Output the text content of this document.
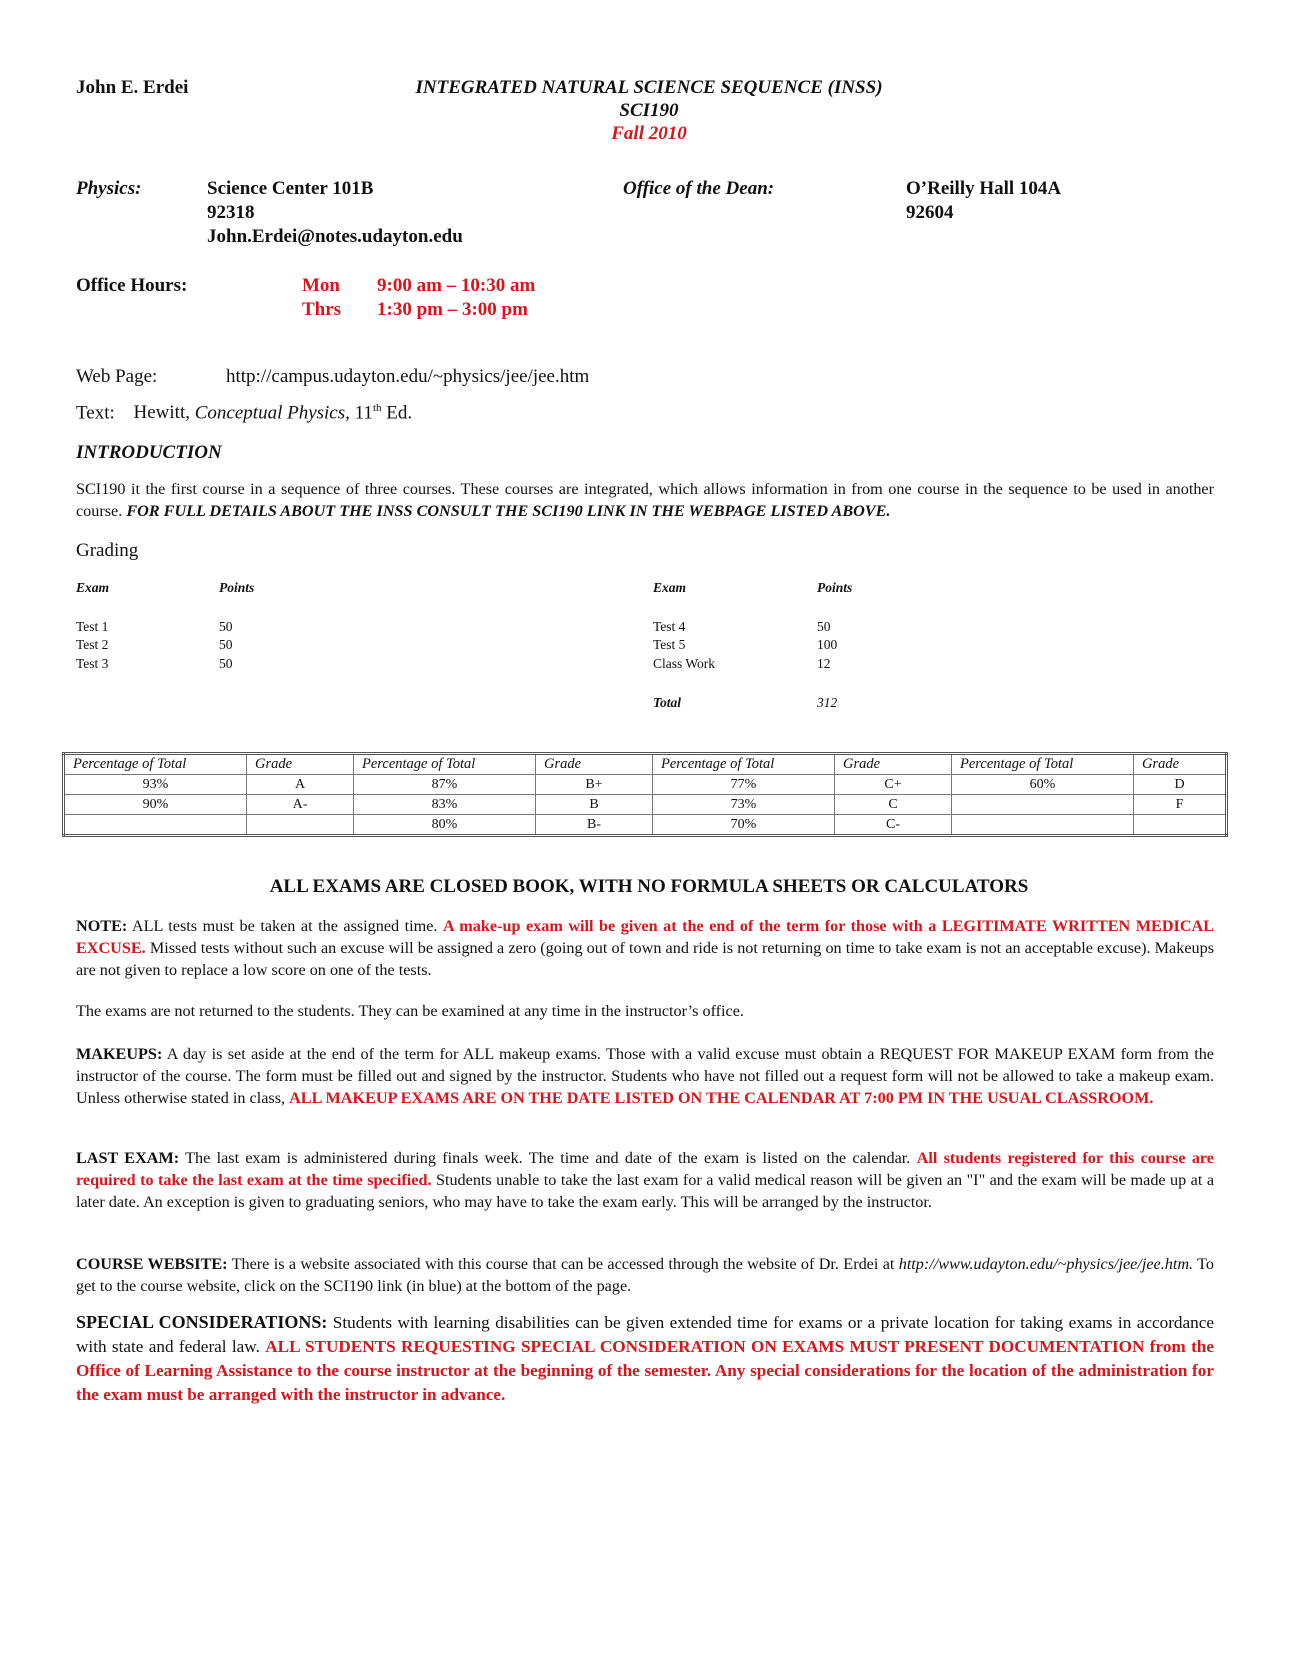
John E. Erdei	INTEGRATED NATURAL SCIENCE SEQUENCE (INSS)
SCI190
Fall 2010
Physics:	Science Center 101B
92318
John.Erdei@notes.udayton.edu
Office of the Dean:	O’Reilly Hall 104A
92604
Office Hours:	Mon 9:00 am – 10:30 am
Thrs 1:30 pm – 3:00 pm
Web Page:	http://campus.udayton.edu/~physics/jee/jee.htm
Text: Hewitt, Conceptual Physics, 11th Ed.
INTRODUCTION
SCI190 it the first course in a sequence of three courses. These courses are integrated, which allows information in from one course in the sequence to be used in another course. FOR FULL DETAILS ABOUT THE INSS CONSULT THE SCI190 LINK IN THE WEBPAGE LISTED ABOVE.
Grading
Exam	Points	Exam	Points
Test 1	50
Test 2	50
Test 3	50
Test 4	50
Test 5	100
Class Work	12
Total	312
Percentage of Total	Grade	Percentage of Total	Grade	Percentage of Total	Grade	Percentage of Total	Grade
93%	A	87%	B+	77%	C+	60%	D
90%	A-	83%	B	73%	C		F
		80%	B-	70%	C-		
ALL EXAMS ARE CLOSED BOOK, WITH NO FORMULA SHEETS OR CALCULATORS
NOTE: ALL tests must be taken at the assigned time. A make-up exam will be given at the end of the term for those with a LEGITIMATE WRITTEN MEDICAL EXCUSE. Missed tests without such an excuse will be assigned a zero (going out of town and ride is not returning on time to take exam is not an acceptable excuse). Makeups are not given to replace a low score on one of the tests.
The exams are not returned to the students. They can be examined at any time in the instructor’s office.
MAKEUPS: A day is set aside at the end of the term for ALL makeup exams. Those with a valid excuse must obtain a REQUEST FOR MAKEUP EXAM form from the instructor of the course. The form must be filled out and signed by the instructor. Students who have not filled out a request form will not be allowed to take a makeup exam. Unless otherwise stated in class, ALL MAKEUP EXAMS ARE ON THE DATE LISTED ON THE CALENDAR AT 7:00 PM IN THE USUAL CLASSROOM.
LAST EXAM: The last exam is administered during finals week. The time and date of the exam is listed on the calendar. All students registered for this course are required to take the last exam at the time specified. Students unable to take the last exam for a valid medical reason will be given an "I" and the exam will be made up at a later date. An exception is given to graduating seniors, who may have to take the exam early. This will be arranged by the instructor.
COURSE WEBSITE: There is a website associated with this course that can be accessed through the website of Dr. Erdei at http://www.udayton.edu/~physics/jee/jee.htm. To get to the course website, click on the SCI190 link (in blue) at the bottom of the page.
SPECIAL CONSIDERATIONS: Students with learning disabilities can be given extended time for exams or a private location for taking exams in accordance with state and federal law. ALL STUDENTS REQUESTING SPECIAL CONSIDERATION ON EXAMS MUST PRESENT DOCUMENTATION from the Office of Learning Assistance to the course instructor at the beginning of the semester. Any special considerations for the location of the administration for the exam must be arranged with the instructor in advance.
